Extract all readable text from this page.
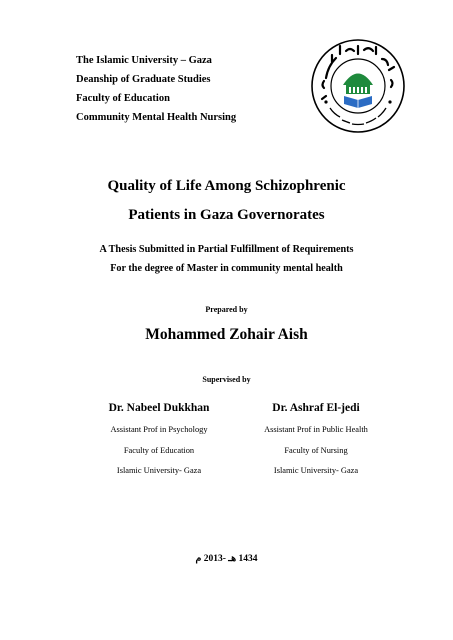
The Islamic University – Gaza
Deanship of Graduate Studies
Faculty of Education
Community Mental Health Nursing
Quality of Life Among Schizophrenic
Patients in Gaza Governorates
A Thesis Submitted in Partial Fulfillment of Requirements
For the degree of Master in community mental health
Prepared by
Mohammed Zohair Aish
Supervised by
Dr. Nabeel Dukkhan
Assistant Prof in Psychology
Faculty of Education
Islamic University- Gaza
Dr. Ashraf El-jedi
Assistant Prof in Public Health
Faculty of Nursing
Islamic University- Gaza
1434 هـ -2013 م
